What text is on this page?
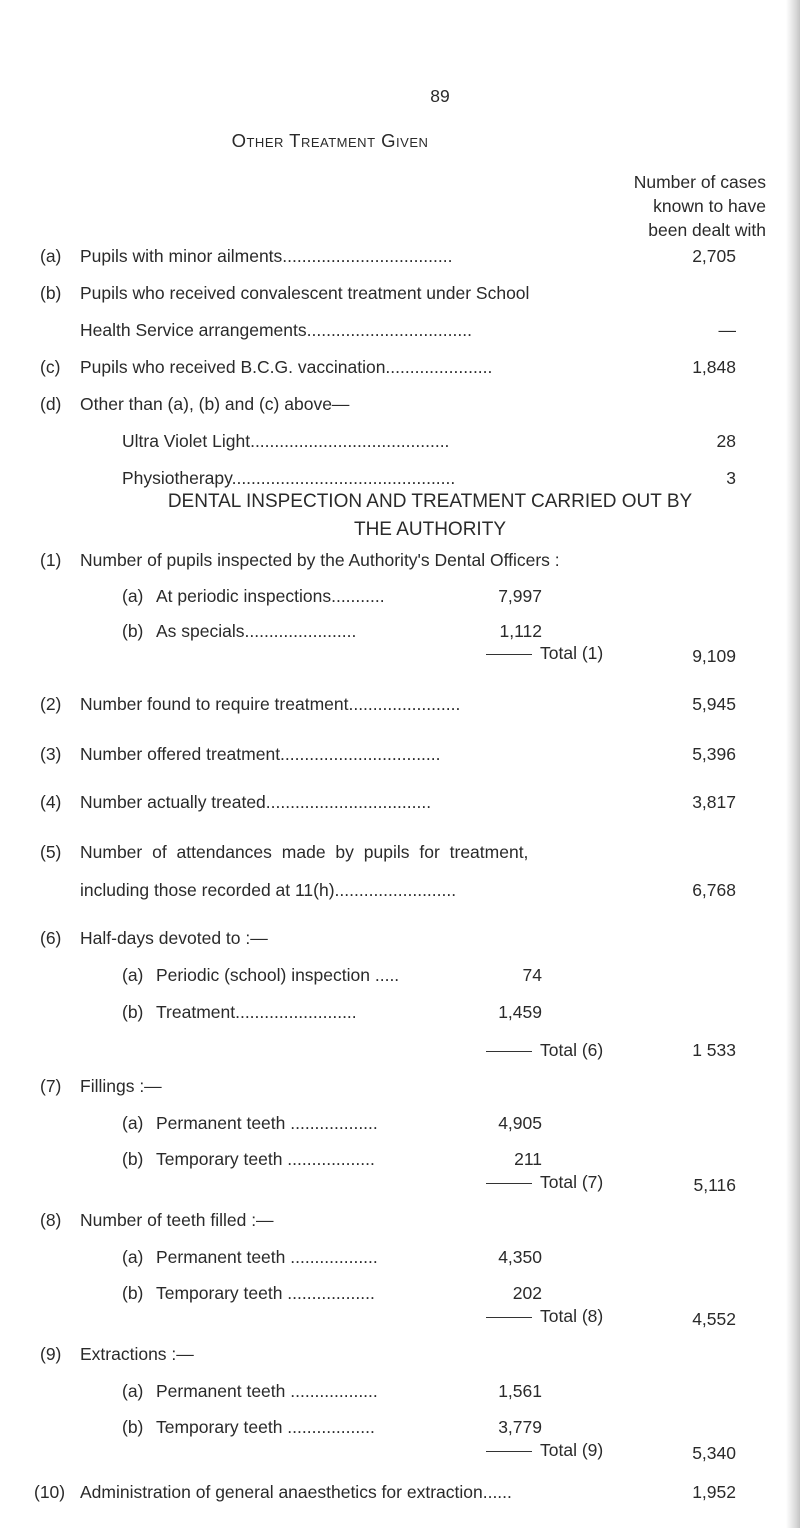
89
Other Treatment Given
Number of cases
known to have
been dealt with
(a) Pupils with minor ailments...................................	2,705
(b) Pupils who received convalescent treatment under School
Health Service arrangements..................................	—
(c) Pupils who received B.C.G. vaccination......................	1,848
(d) Other than (a), (b) and (c) above—
Ultra Violet Light.........................................	28
Physiotherapy..............................................	3
DENTAL INSPECTION AND TREATMENT CARRIED OUT BY
THE AUTHORITY
(1) Number of pupils inspected by the Authority's Dental Officers :
(a) At periodic inspections...........	7,997
(b) As specials.......................	1,112
Total (1)	9,109
(2) Number found to require treatment.......................	5,945
(3) Number offered treatment.................................	5,396
(4) Number actually treated..................................	3,817
(5) Number of attendances made by pupils for treatment,
including those recorded at 11(h).........................	6,768
(6) Half-days devoted to :—
(a) Periodic (school) inspection .....	74
(b) Treatment.........................	1,459
Total (6)	1 533
(7) Fillings :—
(a) Permanent teeth ..................	4,905
(b) Temporary teeth ..................	211
Total (7)	5,116
(8) Number of teeth filled :—
(a) Permanent teeth ..................	4,350
(b) Temporary teeth ..................	202
Total (8)	4,552
(9) Extractions :—
(a) Permanent teeth ..................	1,561
(b) Temporary teeth ..................	3,779
Total (9)	5,340
(10) Administration of general anaesthetics for extraction......	1,952
